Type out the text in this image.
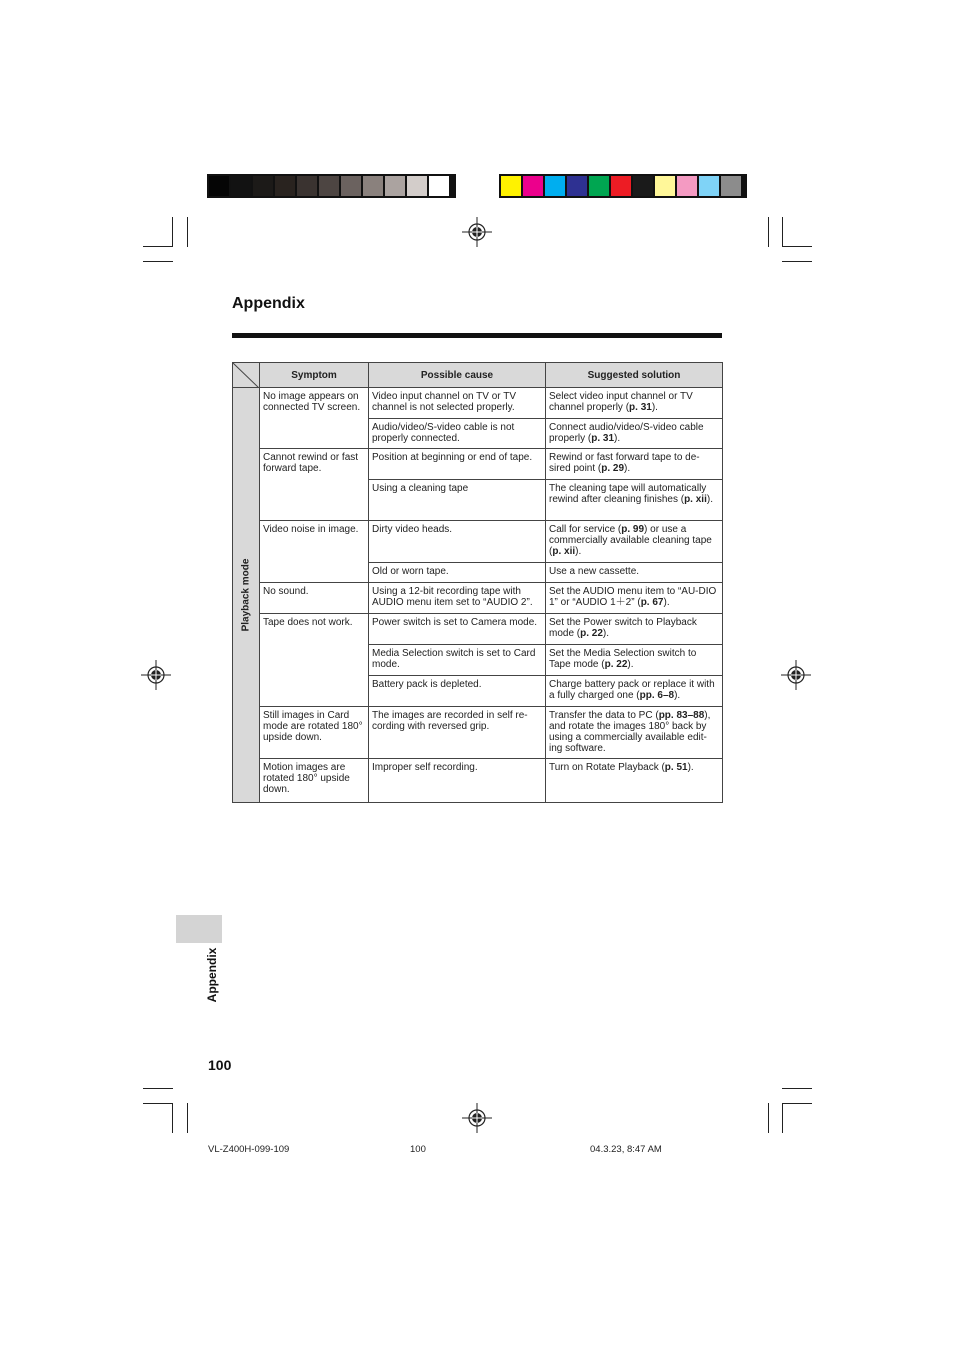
Appendix
	Symptom	Possible cause	Suggested solution

Playback mode	No image appears on connected TV screen.	Video input channel on TV or TV channel is not selected properly.	Select video input channel or TV channel properly (p. 31).
		Audio/video/S-video cable is not properly connected.	Connect audio/video/S-video cable properly (p. 31).
	Cannot rewind or fast forward tape.	Position at beginning or end of tape.	Rewind or fast forward tape to de-sired point (p. 29).
		Using a cleaning tape	The cleaning tape will automatically rewind after cleaning finishes (p. xii).
	Video noise in image.	Dirty video heads.	Call for service (p. 99) or use a commercially available cleaning tape (p. xii).
		Old or worn tape.	Use a new cassette.
	No sound.	Using a 12-bit recording tape with AUDIO menu item set to “AUDIO 2”.	Set the AUDIO menu item to “AU-DIO 1” or “AUDIO 1＋2” (p. 67).
	Tape does not work.	Power switch is set to Camera mode.	Set the Power switch to Playback mode (p. 22).
		Media Selection switch is set to Card mode.	Set the Media Selection switch to Tape mode (p. 22).
		Battery pack is depleted.	Charge battery pack or replace it with a fully charged one (pp. 6–8).
	Still images in Card mode are rotated 180° upside down.	The images are recorded in self re-cording with reversed grip.	Transfer the data to PC (pp. 83–88), and rotate the images 180° back by using a commercially available edit-ing software.
	Motion images are rotated 180° upside down.	Improper self recording.	Turn on Rotate Playback (p. 51).
Appendix
100
VL-Z400H-099-109	100	04.3.23, 8:47 AM
